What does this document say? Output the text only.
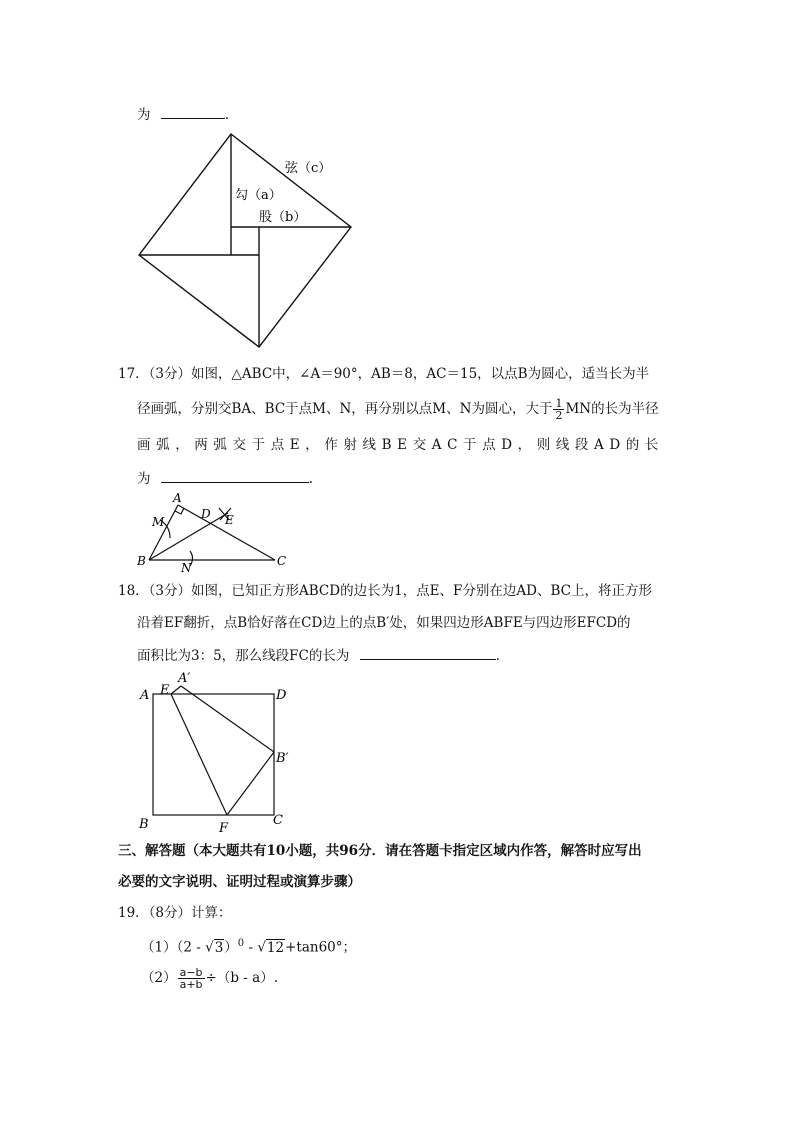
为	.
弦（c）
勾（a）
股（b）
17．（3分）如图，△ABC中，∠A＝90°，AB＝8，AC＝15，以点B为圆心，适当长为半
径画弧，分别交BA、BC于点M、N，再分别以点M、N为圆心，大于 $\frac{1}{2}$ MN的长为半径
画弧，两弧交于点E，作射线BE交AC于点D，则线段AD的长
为	.
A
M
D E
B	N	C
18．（3分）如图，已知正方形ABCD的边长为1，点E、F分别在边AD、BC上，将正方形
沿着EF翻折，点B恰好落在CD边上的点B′处，如果四边形ABFE与四边形EFCD的
面积比为3：5，那么线段FC的长为	.
A
A′
E	D
B′
B	F
C
三、解答题（本大题共有10小题，共96分．请在答题卡指定区域内作答，解答时应写出
必要的文字说明、证明过程或演算步骤）
19．（8分）计算：
（1）（2 - √3）$^0$ - √12+tan60°；
$(2) \frac{a-b}{a+b} \div(b - a)$.
